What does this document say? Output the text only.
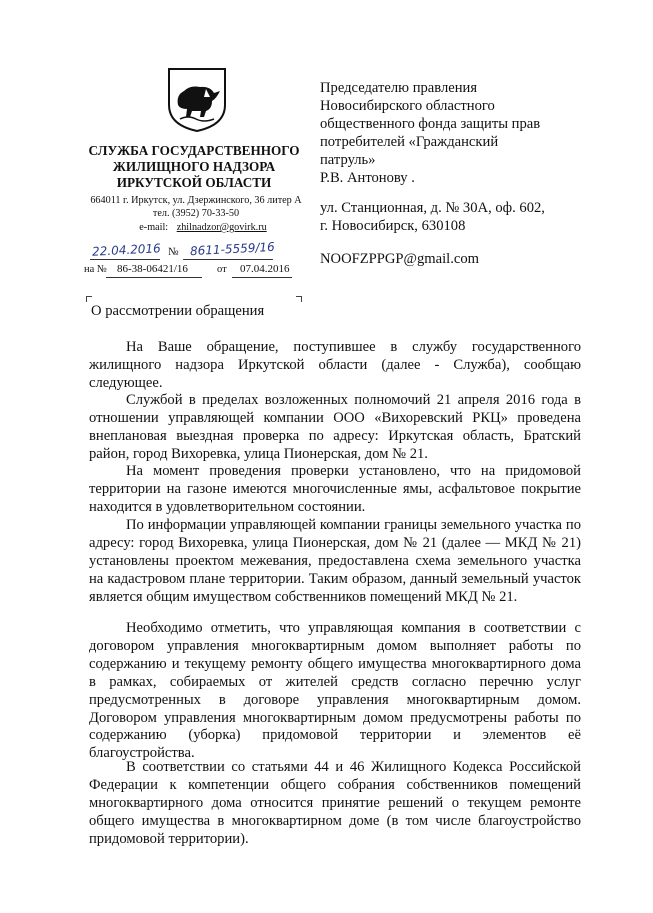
СЛУЖБА ГОСУДАРСТВЕННОГО
ЖИЛИЩНОГО НАДЗОРА
ИРКУТСКОЙ ОБЛАСТИ
664011 г. Иркутск, ул. Дзержинского, 36 литер А
тел. (3952) 70-33-50
e-mail: zhilnadzor@govirk.ru
22.04.2016 № 8611-5559/16
на № 86-38-06421/16	от 07.04.2016
Председателю правления
Новосибирского областного
общественного фонда защиты прав
потребителей «Гражданский
патруль»
Р.В. Антонову .
ул. Станционная, д. № 30А, оф. 602,
г. Новосибирск, 630108
NOOFZPPGP@gmail.com
О рассмотрении обращения
На Ваше обращение, поступившее в службу государственного жилищного надзора Иркутской области (далее - Служба), сообщаю следующее.
Службой в пределах возложенных полномочий 21 апреля 2016 года в отношении управляющей компании ООО «Вихоревский РКЦ» проведена внеплановая выездная проверка по адресу: Иркутская область, Братский район, город Вихоревка, улица Пионерская, дом № 21.
На момент проведения проверки установлено, что на придомовой территории на газоне имеются многочисленные ямы, асфальтовое покрытие находится в удовлетворительном состоянии.
По информации управляющей компании границы земельного участка по адресу: город Вихоревка, улица Пионерская, дом № 21 (далее — МКД № 21) установлены проектом межевания, предоставлена схема земельного участка на кадастровом плане территории. Таким образом, данный земельный участок является общим имуществом собственников помещений МКД № 21.
Необходимо отметить, что управляющая компания в соответствии с договором управления многоквартирным домом выполняет работы по содержанию и текущему ремонту общего имущества многоквартирного дома в рамках, собираемых от жителей средств согласно перечню услуг предусмотренных в договоре управления многоквартирным домом. Договором управления многоквартирным домом предусмотрены работы по содержанию (уборка) придомовой территории и элементов её благоустройства.
В соответствии со статьями 44 и 46 Жилищного Кодекса Российской Федерации к компетенции общего собрания собственников помещений многоквартирного дома относится принятие решений о текущем ремонте общего имущества в многоквартирном доме (в том числе благоустройство придомовой территории).
